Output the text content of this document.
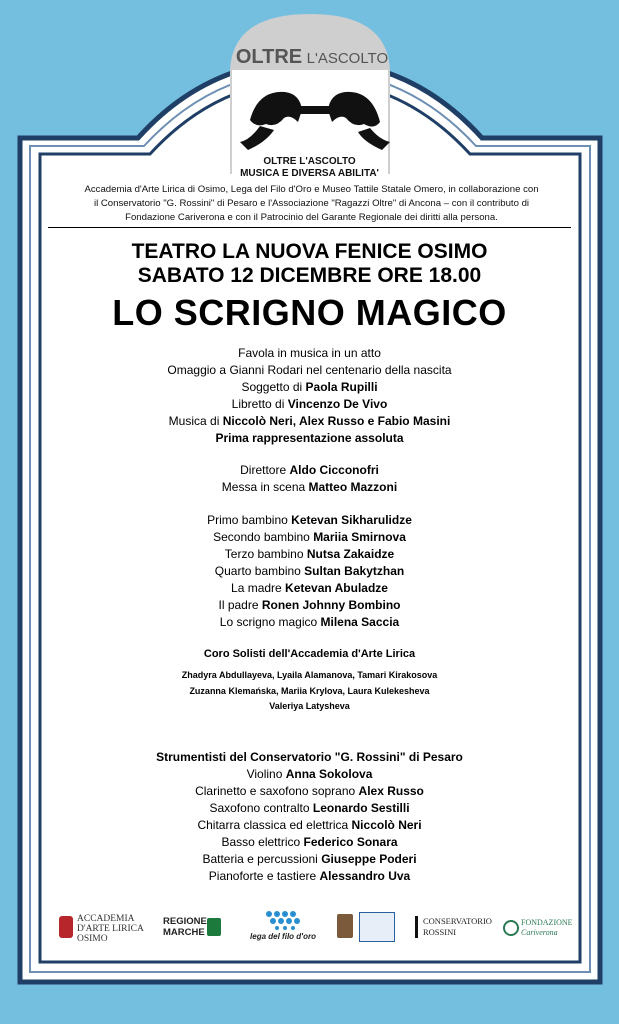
OLTRE L'ASCOLTO
OLTRE L'ASCOLTO
MUSICA E DIVERSA ABILITA'
Accademia d'Arte Lirica di Osimo, Lega del Filo d'Oro e Museo Tattile Statale Omero, in collaborazione con
il Conservatorio "G. Rossini" di Pesaro e l'Associazione "Ragazzi Oltre" di Ancona – con il contributo di
Fondazione Cariverona e con il Patrocinio del Garante Regionale dei diritti alla persona.
TEATRO LA NUOVA FENICE OSIMO
SABATO 12 DICEMBRE ORE 18.00
LO SCRIGNO MAGICO
Favola in musica in un atto
Omaggio a Gianni Rodari nel centenario della nascita
Soggetto di Paola Rupilli
Libretto di Vincenzo De Vivo
Musica di Niccolò Neri, Alex Russo e Fabio Masini
Prima rappresentazione assoluta
Direttore Aldo Cicconofri
Messa in scena Matteo Mazzoni
Primo bambino Ketevan Sikharulidze
Secondo bambino Mariia Smirnova
Terzo bambino Nutsa Zakaidze
Quarto bambino Sultan Bakytzhan
La madre Ketevan Abuladze
Il padre Ronen Johnny Bombino
Lo scrigno magico Milena Saccia
Coro Solisti dell'Accademia d'Arte Lirica
Zhadyra Abdullayeva, Lyaila Alamanova, Tamari Kirakosova
Zuzanna Klemańska, Mariia Krylova, Laura Kulekesheva
Valeriya Latysheva
Strumentisti del Conservatorio "G. Rossini" di Pesaro
Violino Anna Sokolova
Clarinetto e saxofono soprano Alex Russo
Saxofono contralto Leonardo Sestilli
Chitarra classica ed elettrica Niccolò Neri
Basso elettrico Federico Sonara
Batteria e percussioni Giuseppe Poderi
Pianoforte e tastiere Alessandro Uva
ACCADEMIA
D'ARTE LIRICA
OSIMO
REGIONE
MARCHE	lega del filo d'oro
CONSERVATORIO
ROSSINI
FONDAZIONE
Cariverona
